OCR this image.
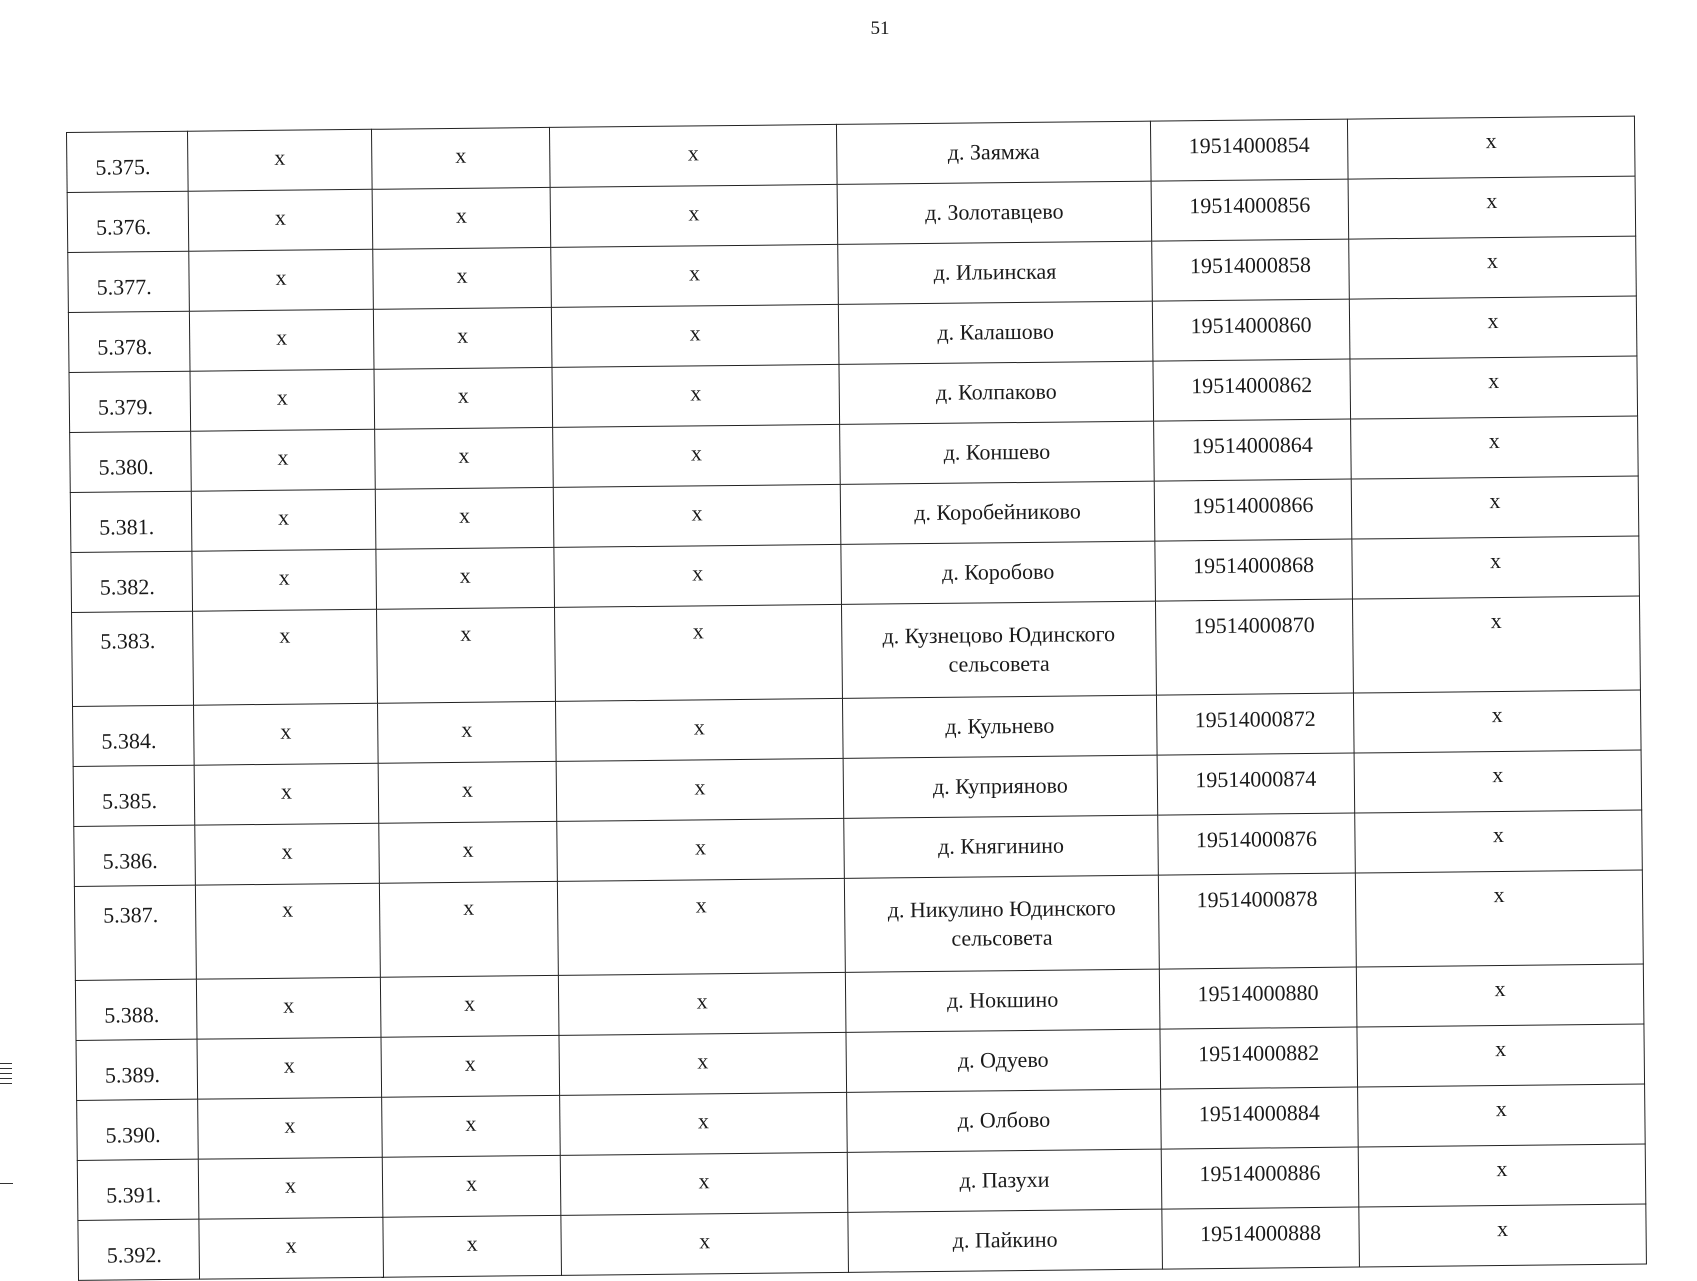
51
5.375.	x	x	x	д. Заямжа	19514000854	x
5.376.	x	x	x	д. Золотавцево	19514000856	x
5.377.	x	x	x	д. Ильинская	19514000858	x
5.378.	x	x	x	д. Калашово	19514000860	x
5.379.	x	x	x	д. Колпаково	19514000862	x
5.380.	x	x	x	д. Коншево	19514000864	x
5.381.	x	x	x	д. Коробейниково	19514000866	x
5.382.	x	x	x	д. Коробово	19514000868	x
5.383.	x	x	x	д. Кузнецово Юдинского сельсовета	19514000870	x
5.384.	x	x	x	д. Кульнево	19514000872	x
5.385.	x	x	x	д. Куприяново	19514000874	x
5.386.	x	x	x	д. Княгинино	19514000876	x
5.387.	x	x	x	д. Никулино Юдинского сельсовета	19514000878	x
5.388.	x	x	x	д. Нокшино	19514000880	x
5.389.	x	x	x	д. Одуево	19514000882	x
5.390.	x	x	x	д. Олбово	19514000884	x
5.391.	x	x	x	д. Пазухи	19514000886	x
5.392.	x	x	x	д. Пайкино	19514000888	x
